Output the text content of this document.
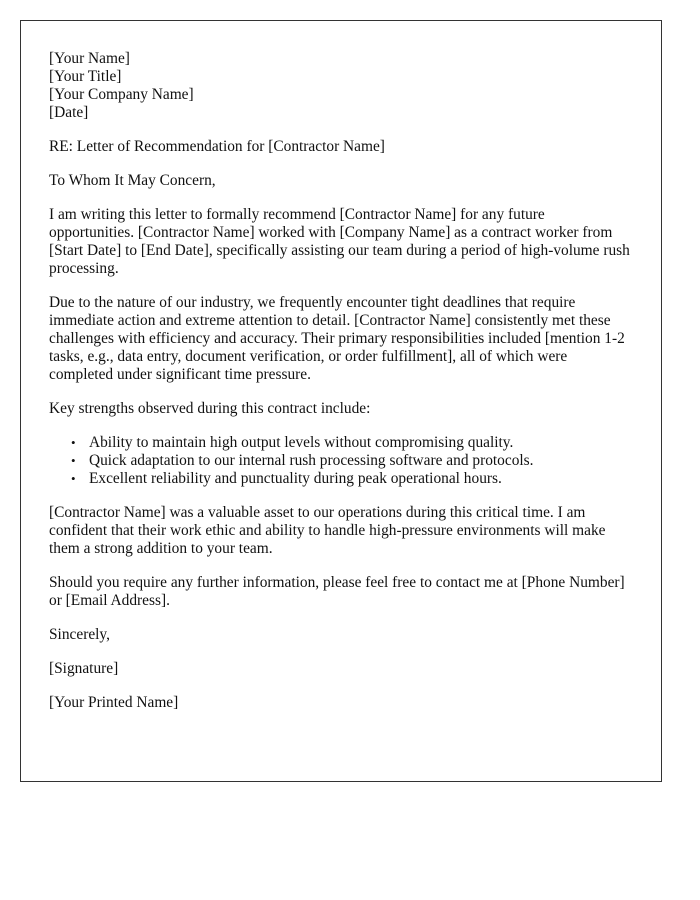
[Your Name]
[Your Title]
[Your Company Name]
[Date]

RE: Letter of Recommendation for [Contractor Name]

To Whom It May Concern,

I am writing this letter to formally recommend [Contractor Name] for any future opportunities. [Contractor Name] worked with [Company Name] as a contract worker from [Start Date] to [End Date], specifically assisting our team during a period of high-volume rush processing.

Due to the nature of our industry, we frequently encounter tight deadlines that require immediate action and extreme attention to detail. [Contractor Name] consistently met these challenges with efficiency and accuracy. Their primary responsibilities included [mention 1-2 tasks, e.g., data entry, document verification, or order fulfillment], all of which were completed under significant time pressure.

Key strengths observed during this contract include:

• Ability to maintain high output levels without compromising quality.
• Quick adaptation to our internal rush processing software and protocols.
• Excellent reliability and punctuality during peak operational hours.

[Contractor Name] was a valuable asset to our operations during this critical time. I am confident that their work ethic and ability to handle high-pressure environments will make them a strong addition to your team.

Should you require any further information, please feel free to contact me at [Phone Number] or [Email Address].

Sincerely,

[Signature]

[Your Printed Name]
